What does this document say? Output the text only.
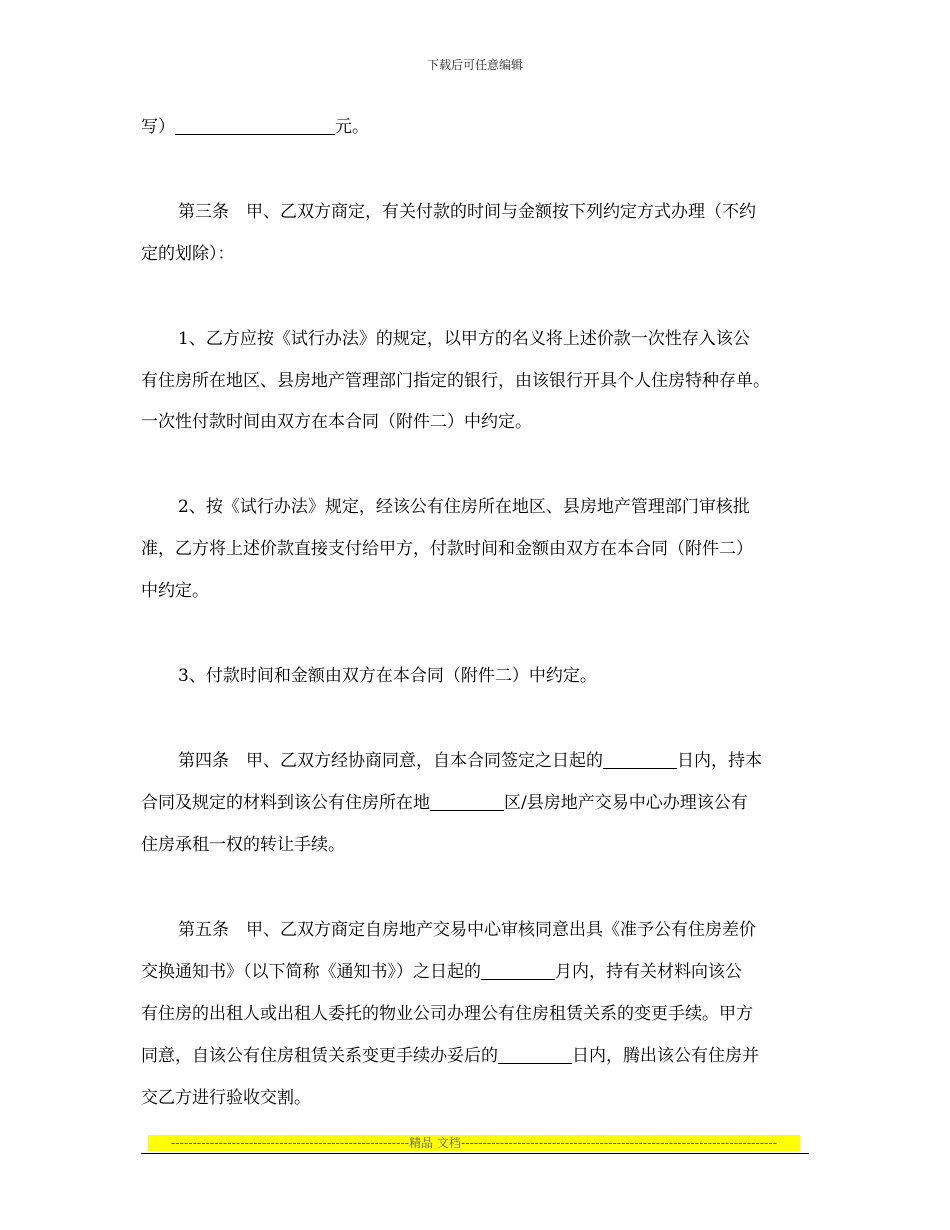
下载后可任意编辑
写）	元。
第三条　甲、乙双方商定，有关付款的时间与金额按下列约定方式办理（不约
定的划除）：
1、乙方应按《试行办法》的规定，以甲方的名义将上述价款一次性存入该公
有住房所在地区、县房地产管理部门指定的银行，由该银行开具个人住房特种存单。
一次性付款时间由双方在本合同（附件二）中约定。
2、按《试行办法》规定，经该公有住房所在地区、县房地产管理部门审核批
准，乙方将上述价款直接支付给甲方，付款时间和金额由双方在本合同（附件二）
中约定。
3、付款时间和金额由双方在本合同（附件二）中约定。
第四条　甲、乙双方经协商同意，自本合同签定之日起的	日内，持本
合同及规定的材料到该公有住房所在地	区/县房地产交易中心办理该公有
住房承租一权的转让手续。
第五条　甲、乙双方商定自房地产交易中心审核同意出具《准予公有住房差价
交换通知书》（以下简称《通知书》）之日起的	月内，持有关材料向该公
有住房的出租人或出租人委托的物业公司办理公有住房租赁关系的变更手续。甲方
同意，自该公有住房租赁关系变更手续办妥后的	日内，腾出该公有住房并
交乙方进行验收交割。
-------------------------------------------------------精品 文档-------------------------------------------------------------------------
